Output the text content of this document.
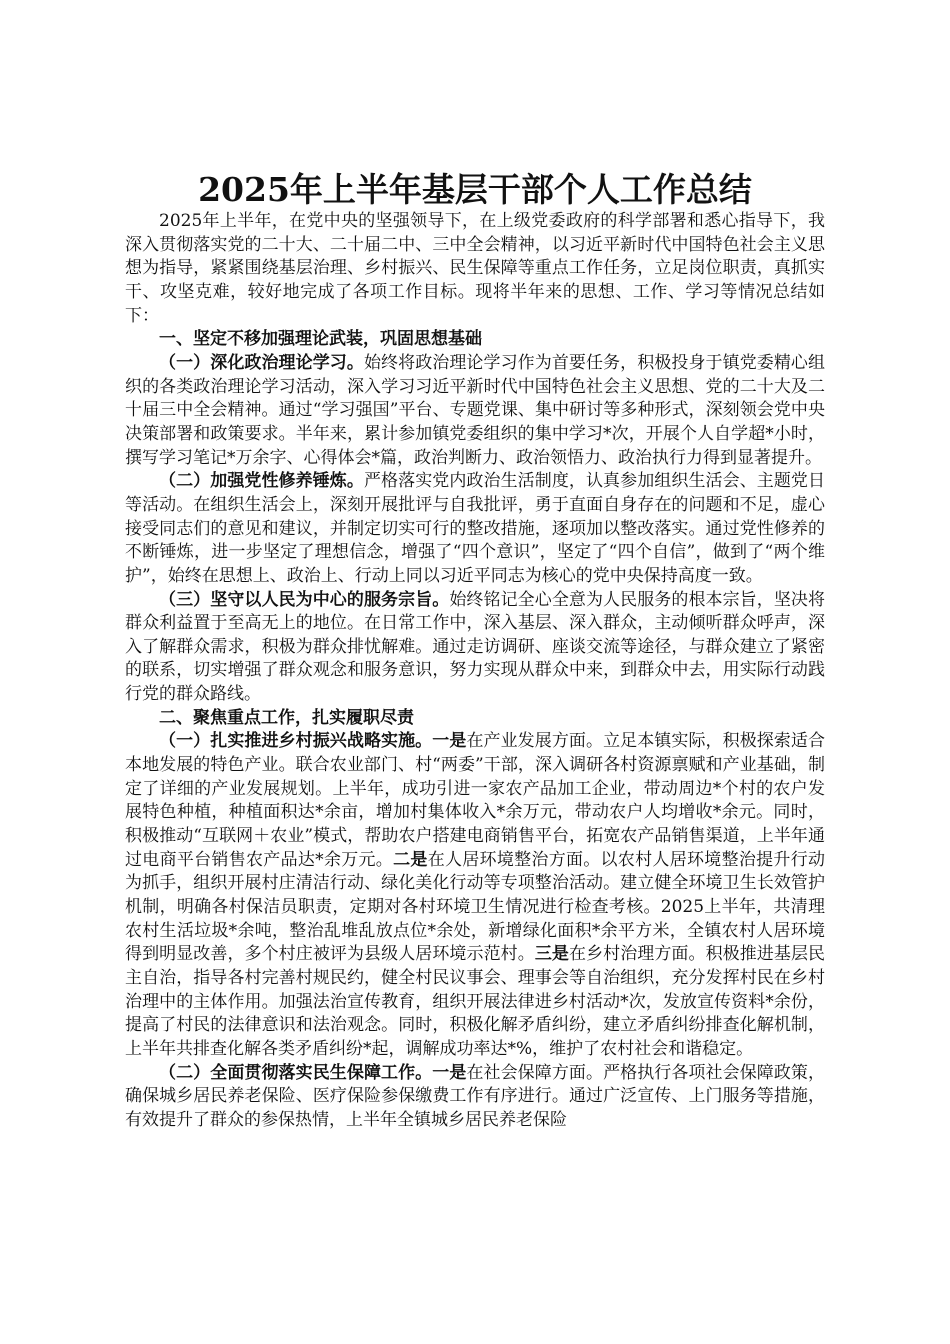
2025年上半年基层干部个人工作总结

2025年上半年，在党中央的坚强领导下，在上级党委政府的科学部署和悉心指导下，我深入贯彻落实党的二十大、二十届二中、三中全会精神，以习近平新时代中国特色社会主义思想为指导，紧紧围绕基层治理、乡村振兴、民生保障等重点工作任务，立足岗位职责，真抓实干、攻坚克难，较好地完成了各项工作目标。现将半年来的思想、工作、学习等情况总结如下：

一、坚定不移加强理论武装，巩固思想基础

（一）深化政治理论学习。始终将政治理论学习作为首要任务，积极投身于镇党委精心组织的各类政治理论学习活动，深入学习习近平新时代中国特色社会主义思想、党的二十大及二十届三中全会精神。通过“学习强国”平台、专题党课、集中研讨等多种形式，深刻领会党中央决策部署和政策要求。半年来，累计参加镇党委组织的集中学习*次，开展个人自学超*小时，撰写学习笔记*万余字、心得体会*篇，政治判断力、政治领悟力、政治执行力得到显著提升。

（二）加强党性修养锤炼。严格落实党内政治生活制度，认真参加组织生活会、主题党日等活动。在组织生活会上，深刻开展批评与自我批评，勇于直面自身存在的问题和不足，虚心接受同志们的意见和建议，并制定切实可行的整改措施，逐项加以整改落实。通过党性修养的不断锤炼，进一步坚定了理想信念，增强了“四个意识”，坚定了“四个自信”，做到了“两个维护”，始终在思想上、政治上、行动上同以习近平同志为核心的党中央保持高度一致。

（三）坚守以人民为中心的服务宗旨。始终铭记全心全意为人民服务的根本宗旨，坚决将群众利益置于至高无上的地位。在日常工作中，深入基层、深入群众，主动倾听群众呼声，深入了解群众需求，积极为群众排忧解难。通过走访调研、座谈交流等途径，与群众建立了紧密的联系，切实增强了群众观念和服务意识，努力实现从群众中来，到群众中去，用实际行动践行党的群众路线。

二、聚焦重点工作，扎实履职尽责

（一）扎实推进乡村振兴战略实施。一是在产业发展方面。立足本镇实际，积极探索适合本地发展的特色产业。联合农业部门、村“两委”干部，深入调研各村资源禀赋和产业基础，制定了详细的产业发展规划。上半年，成功引进一家农产品加工企业，带动周边*个村的农户发展特色种植，种植面积达*余亩，增加村集体收入*余万元，带动农户人均增收*余元。同时，积极推动“互联网＋农业”模式，帮助农户搭建电商销售平台，拓宽农产品销售渠道，上半年通过电商平台销售农产品达*余万元。二是在人居环境整治方面。以农村人居环境整治提升行动为抓手，组织开展村庄清洁行动、绿化美化行动等专项整治活动。建立健全环境卫生长效管护机制，明确各村保洁员职责，定期对各村环境卫生情况进行检查考核。2025上半年，共清理农村生活垃圾*余吨，整治乱堆乱放点位*余处，新增绿化面积*余平方米，全镇农村人居环境得到明显改善，多个村庄被评为县级人居环境示范村。三是在乡村治理方面。积极推进基层民主自治，指导各村完善村规民约，健全村民议事会、理事会等自治组织，充分发挥村民在乡村治理中的主体作用。加强法治宣传教育，组织开展法律进乡村活动*次，发放宣传资料*余份，提高了村民的法律意识和法治观念。同时，积极化解矛盾纠纷，建立矛盾纠纷排查化解机制，上半年共排查化解各类矛盾纠纷*起，调解成功率达*%，维护了农村社会和谐稳定。

（二）全面贯彻落实民生保障工作。一是在社会保障方面。严格执行各项社会保障政策，确保城乡居民养老保险、医疗保险参保缴费工作有序进行。通过广泛宣传、上门服务等措施，有效提升了群众的参保热情，上半年全镇城乡居民养老保险
